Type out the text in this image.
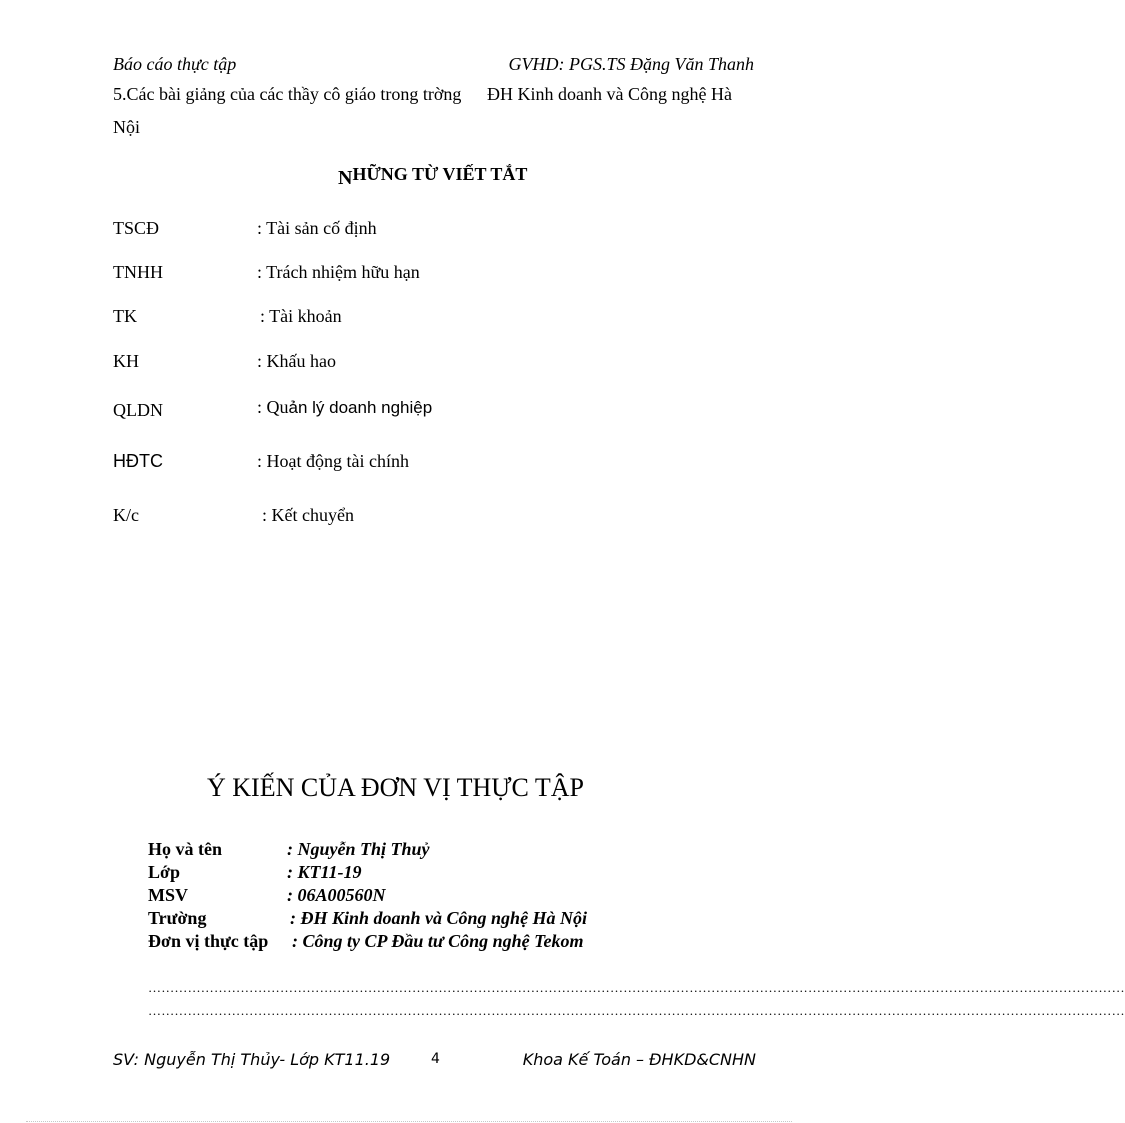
Báo cáo thực tập	GVHD: PGS.TS Đặng Văn Thanh
5.Các bài giảng của các thầy cô giáo trong trờng ĐH Kinh doanh và Công nghệ Hà
Nội
NHỮNG TỪ VIẾT TẮT
TSCĐ	: Tài sản cố định
TNHH	: Trách nhiệm hữu hạn
TK	: Tài khoản
KH	: Khấu hao
QLDN	: Quản lý doanh nghiệp
HĐTC	: Hoạt động tài chính
K/c	: Kết chuyển
Ý KIẾN CỦA ĐƠN VỊ THỰC TẬP
Họ và tên	: Nguyễn Thị Thuỷ
Lớp	: KT11-19
MSV	: 06A00560N
Trường	: ĐH Kinh doanh và Công nghệ Hà Nội
Đơn vị thực tập : Công ty CP Đầu tư Công nghệ Tekom
……………………………………………………………………………………………………………………………………………………………………………………………………
……………………………………………………………………………………………………………………………………………………………………………………………………
SV: Nguyễn Thị Thủy- Lớp KT11.19	4	Khoa Kế Toán – ĐHKD&CNHN
